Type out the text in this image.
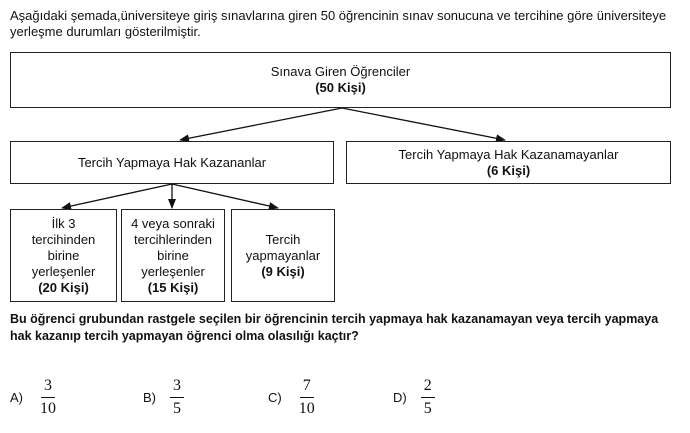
Aşağıdaki şemada,üniversiteye giriş sınavlarına giren 50 öğrencinin sınav sonucuna ve tercihine göre üniversiteye yerleşme durumları gösterilmiştir.
Sınava Giren Öğrenciler
(50 Kişi)
Tercih Yapmaya Hak Kazananlar
Tercih Yapmaya Hak Kazanamayanlar
(6 Kişi)
İlk 3
tercihinden
birine
yerleşenler
(20 Kişi)
4 veya sonraki
tercihlerinden
birine
yerleşenler
(15 Kişi)
Tercih
yapmayanlar
(9 Kişi)
Bu öğrenci grubundan rastgele seçilen bir öğrencinin tercih yapmaya hak kazanamayan veya tercih yapmaya hak kazanıp tercih yapmayan öğrenci olma olasılığı kaçtır?
$A) \frac{3}{10}$	$B) \frac{3}{5}$	$C) \frac{7}{10}$	$D) \frac{2}{5}$
